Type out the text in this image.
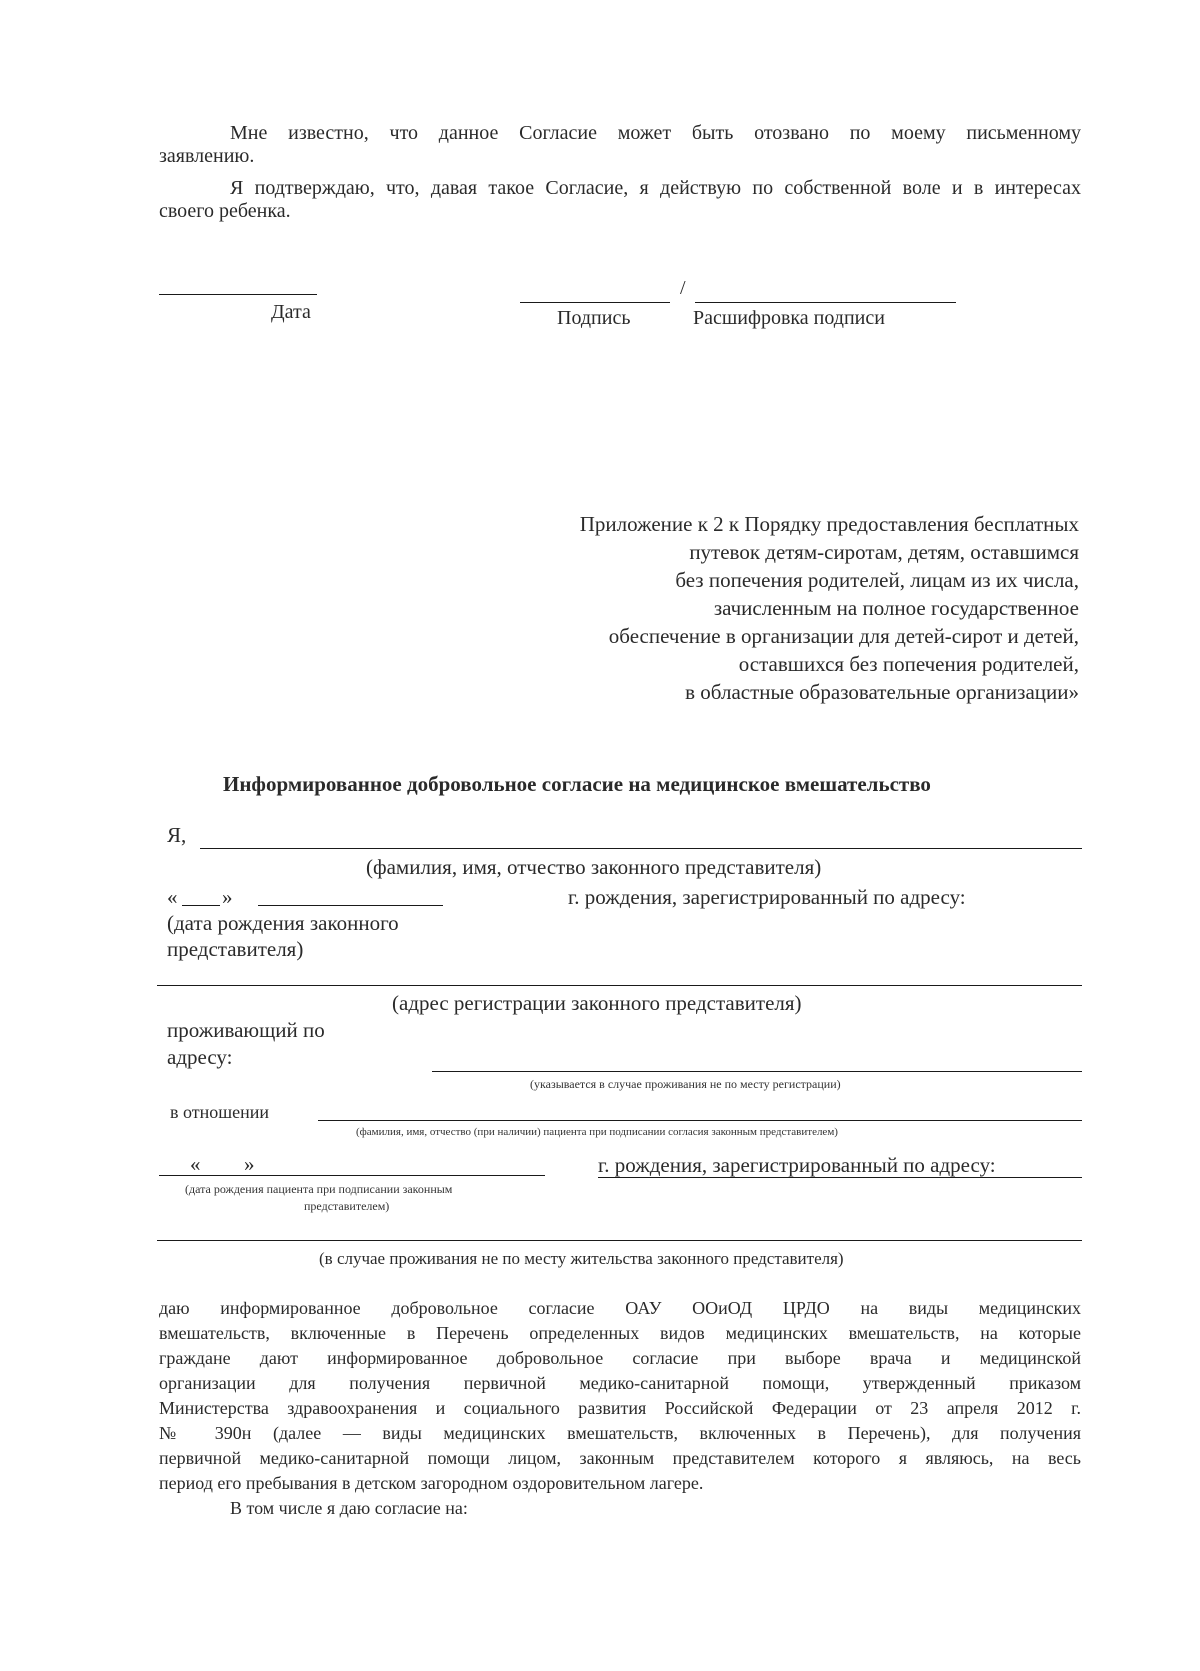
Мне известно, что данное Согласие может быть отозвано по моему письменному
заявлению.
Я подтверждаю, что, давая такое Согласие, я действую по собственной воле и в интересах
своего ребенка.
Дата
/
Подпись	Расшифровка подписи
Приложение к 2 к Порядку предоставления бесплатных
путевок детям-сиротам, детям, оставшимся
без попечения родителей, лицам из их числа,
зачисленным на полное государственное
обеспечение в организации для детей-сирот и детей,
оставшихся без попечения родителей,
в областные образовательные организации»
Информированное добровольное согласие на медицинское вмешательство
Я,
(фамилия, имя, отчество законного представителя)
« »	г. рождения, зарегистрированный по адресу:
(дата рождения законного
представителя)
(адрес регистрации законного представителя)
проживающий по
адресу:
(указывается в случае проживания не по месту регистрации)
в отношении
(фамилия, имя, отчество (при наличии) пациента при подписании согласия законным представителем)
« »	г. рождения, зарегистрированный по адресу:
(дата рождения пациента при подписании законным
представителем)
(в случае проживания не по месту жительства законного представителя)
даю информированное добровольное согласие ОАУ ООиОД ЦРДО на виды медицинских
вмешательств, включенные в Перечень определенных видов медицинских вмешательств, на которые
граждане дают информированное добровольное согласие при выборе врача и медицинской
организации для получения первичной медико-санитарной помощи, утвержденный приказом
Министерства здравоохранения и социального развития Российской Федерации от 23 апреля 2012 г.
№ 390н (далее — виды медицинских вмешательств, включенных в Перечень), для получения
первичной медико-санитарной помощи лицом, законным представителем которого я являюсь, на весь
период его пребывания в детском загородном оздоровительном лагере.
В том числе я даю согласие на:
